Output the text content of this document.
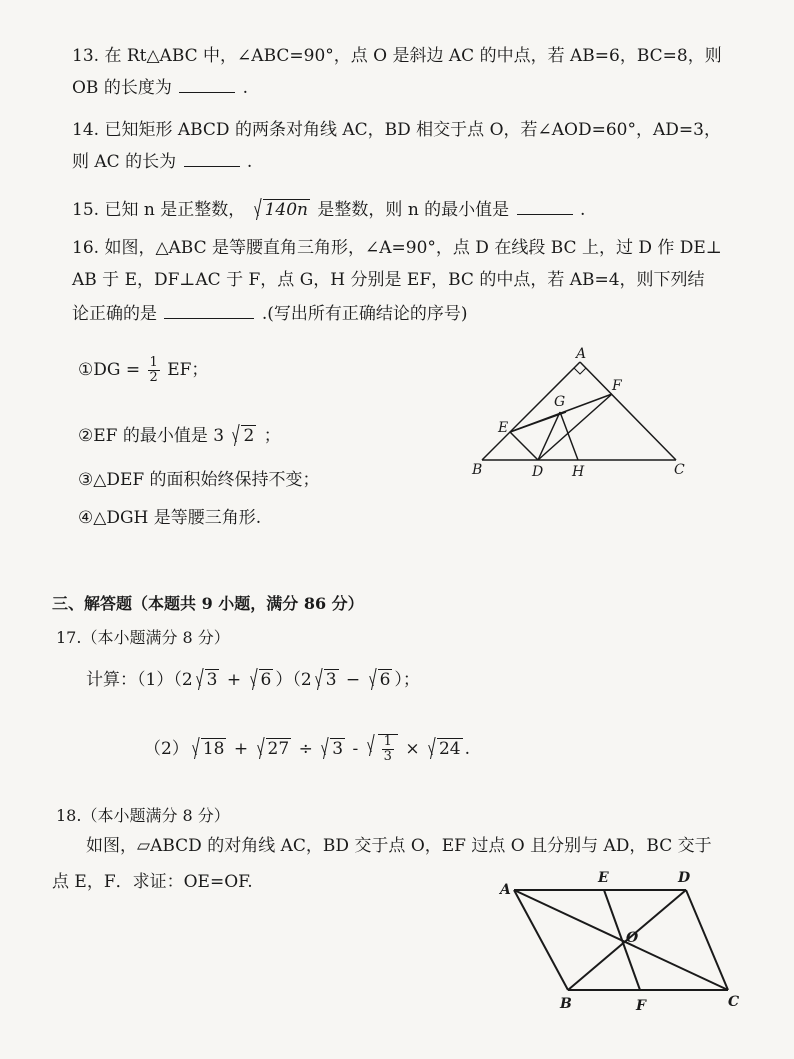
13. 在 Rt△ABC 中，∠ABC=90°，点 O 是斜边 AC 的中点，若 AB=6，BC=8，则
OB 的长度为	.
14. 已知矩形 ABCD 的两条对角线 AC，BD 相交于点 O，若∠AOD=60°，AD=3，
则 AC 的长为	.
15. 已知 n 是正整数， 140n 是整数，则 n 的最小值是	.
16. 如图，△ABC 是等腰直角三角形，∠A=90°，点 D 在线段 BC 上，过 D 作 DE⊥
AB 于 E，DF⊥AC 于 F，点 G，H 分别是 EF，BC 的中点，若 AB=4，则下列结
论正确的是	.(写出所有正确结论的序号)
①DG = $\frac{1}{2}$ EF；
②EF 的最小值是 3 2 ；
③△DEF 的面积始终保持不变；
④△DGH 是等腰三角形.
A
F
G
E
B	D H	C
三、解答题（本题共 9 小题，满分 86 分）
17.（本小题满分 8 分）
计算：（1）（2 3 + 6 ）（2 3 − 6 ）；
（2） $18 + 27 \div 3 - \frac{1}{3} \times 24$ .
18.（本小题满分 8 分）
如图，▱ABCD 的对角线 AC，BD 交于点 O，EF 过点 O 且分别与 AD，BC 交于
点 E，F．求证：OE=OF.	A
E	D
O
B	F	C
